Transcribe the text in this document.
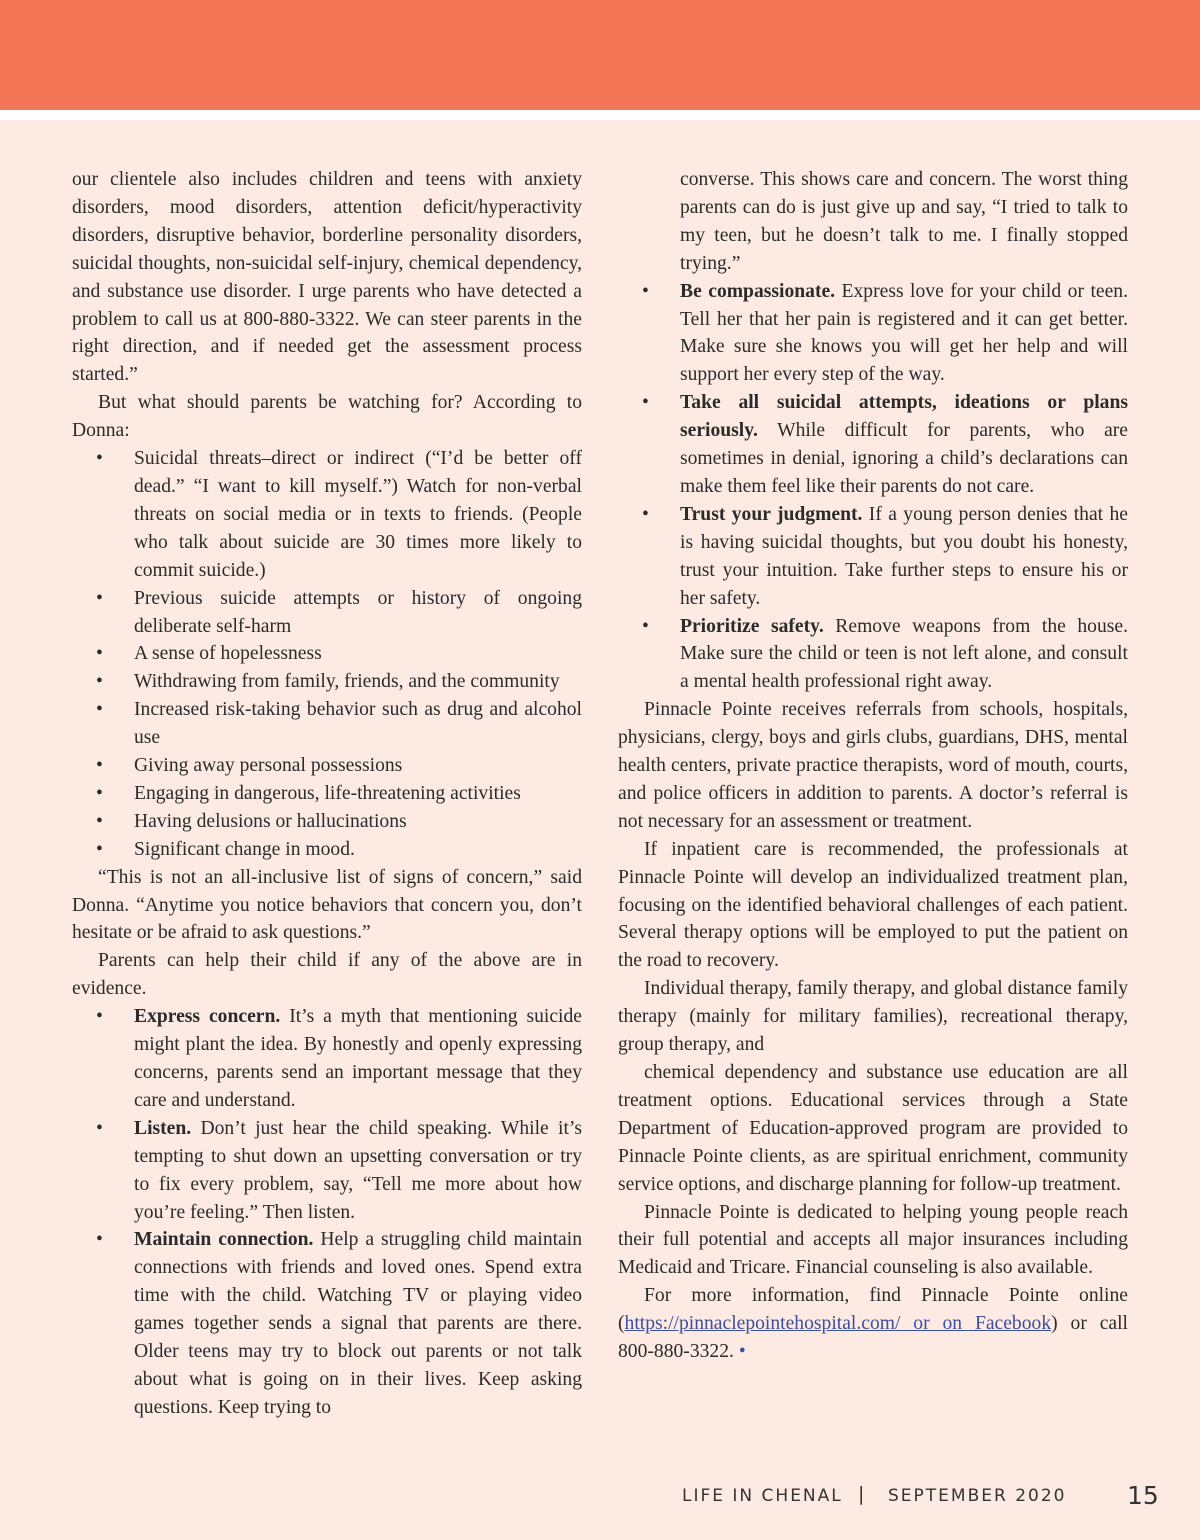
our clientele also includes children and teens with anxiety disorders, mood disorders, attention deficit/hyperactivity disorders, disruptive behavior, borderline personality disorders, suicidal thoughts, non-suicidal self-injury, chemical dependency, and substance use disorder. I urge parents who have detected a problem to call us at 800-880-3322. We can steer parents in the right direction, and if needed get the assessment process started.”

But what should parents be watching for? According to Donna:

• Suicidal threats–direct or indirect (“I’d be better off dead.” “I want to kill myself.”) Watch for non-verbal threats on social media or in texts to friends. (People who talk about suicide are 30 times more likely to commit suicide.)
• Previous suicide attempts or history of ongoing deliberate self-harm
• A sense of hopelessness
• Withdrawing from family, friends, and the community
• Increased risk-taking behavior such as drug and alcohol use
• Giving away personal possessions
• Engaging in dangerous, life-threatening activities
• Having delusions or hallucinations
• Significant change in mood.

“This is not an all-inclusive list of signs of concern,” said Donna. “Anytime you notice behaviors that concern you, don’t hesitate or be afraid to ask questions.”

Parents can help their child if any of the above are in evidence.

• Express concern. It’s a myth that mentioning suicide might plant the idea. By honestly and openly expressing concerns, parents send an important message that they care and understand.
• Listen. Don’t just hear the child speaking. While it’s tempting to shut down an upsetting conversation or try to fix every problem, say, “Tell me more about how you’re feeling.” Then listen.
• Maintain connection. Help a struggling child maintain connections with friends and loved ones. Spend extra time with the child. Watching TV or playing video games together sends a signal that parents are there. Older teens may try to block out parents or not talk about what is going on in their lives. Keep asking questions. Keep trying to
converse. This shows care and concern. The worst thing parents can do is just give up and say, “I tried to talk to my teen, but he doesn’t talk to me. I finally stopped trying.”
• Be compassionate. Express love for your child or teen. Tell her that her pain is registered and it can get better. Make sure she knows you will get her help and will support her every step of the way.
• Take all suicidal attempts, ideations or plans seriously. While difficult for parents, who are sometimes in denial, ignoring a child’s declarations can make them feel like their parents do not care.
• Trust your judgment. If a young person denies that he is having suicidal thoughts, but you doubt his honesty, trust your intuition. Take further steps to ensure his or her safety.
• Prioritize safety. Remove weapons from the house. Make sure the child or teen is not left alone, and consult a mental health professional right away.

Pinnacle Pointe receives referrals from schools, hospitals, physicians, clergy, boys and girls clubs, guardians, DHS, mental health centers, private practice therapists, word of mouth, courts, and police officers in addition to parents. A doctor’s referral is not necessary for an assessment or treatment.

If inpatient care is recommended, the professionals at Pinnacle Pointe will develop an individualized treatment plan, focusing on the identified behavioral challenges of each patient. Several therapy options will be employed to put the patient on the road to recovery.

Individual therapy, family therapy, and global distance family therapy (mainly for military families), recreational therapy, group therapy, and

chemical dependency and substance use education are all treatment options. Educational services through a State Department of Education-approved program are provided to Pinnacle Pointe clients, as are spiritual enrichment, community service options, and discharge planning for follow-up treatment.

Pinnacle Pointe is dedicated to helping young people reach their full potential and accepts all major insurances including Medicaid and Tricare. Financial counseling is also available.

For more information, find Pinnacle Pointe online (https://pinnaclepointehospital.com/ or on Facebook) or call 800-880-3322. •

LIFE IN CHENAL | SEPTEMBER 2020 15
